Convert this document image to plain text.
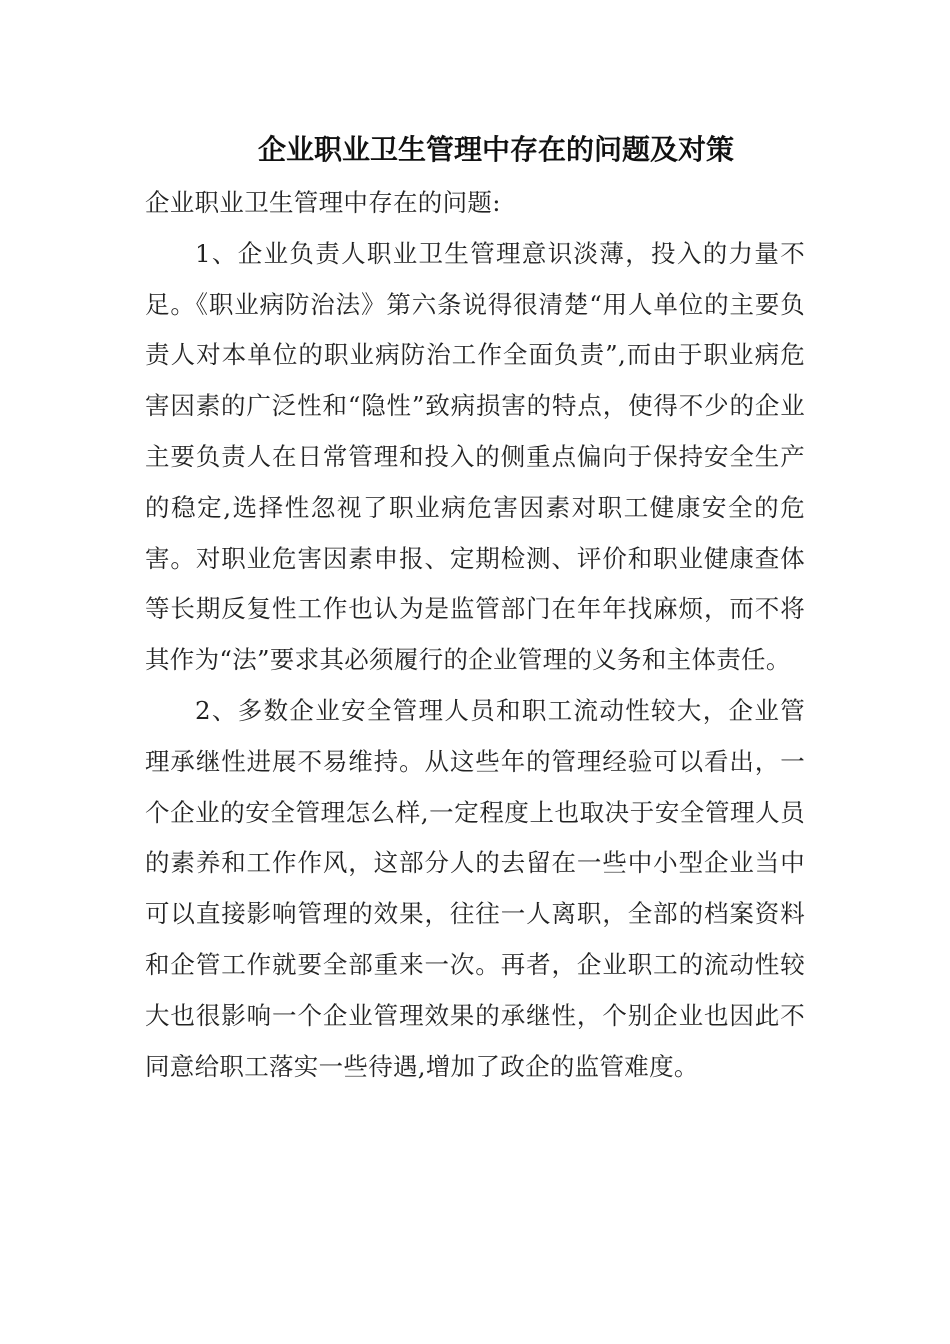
企业职业卫生管理中存在的问题及对策

企业职业卫生管理中存在的问题:

1、企业负责人职业卫生管理意识淡薄，投入的力量不足。《职业病防治法》第六条说得很清楚“用人单位的主要负责人对本单位的职业病防治工作全面负责”,而由于职业病危害因素的广泛性和“隐性”致病损害的特点，使得不少的企业主要负责人在日常管理和投入的侧重点偏向于保持安全生产的稳定,选择性忽视了职业病危害因素对职工健康安全的危害。对职业危害因素申报、定期检测、评价和职业健康查体等长期反复性工作也认为是监管部门在年年找麻烦，而不将其作为“法”要求其必须履行的企业管理的义务和主体责任。

2、多数企业安全管理人员和职工流动性较大，企业管理承继性进展不易维持。从这些年的管理经验可以看出，一个企业的安全管理怎么样,一定程度上也取决于安全管理人员的素养和工作作风，这部分人的去留在一些中小型企业当中可以直接影响管理的效果，往往一人离职，全部的档案资料和企管工作就要全部重来一次。再者，企业职工的流动性较大也很影响一个企业管理效果的承继性，个别企业也因此不同意给职工落实一些待遇,增加了政企的监管难度。
